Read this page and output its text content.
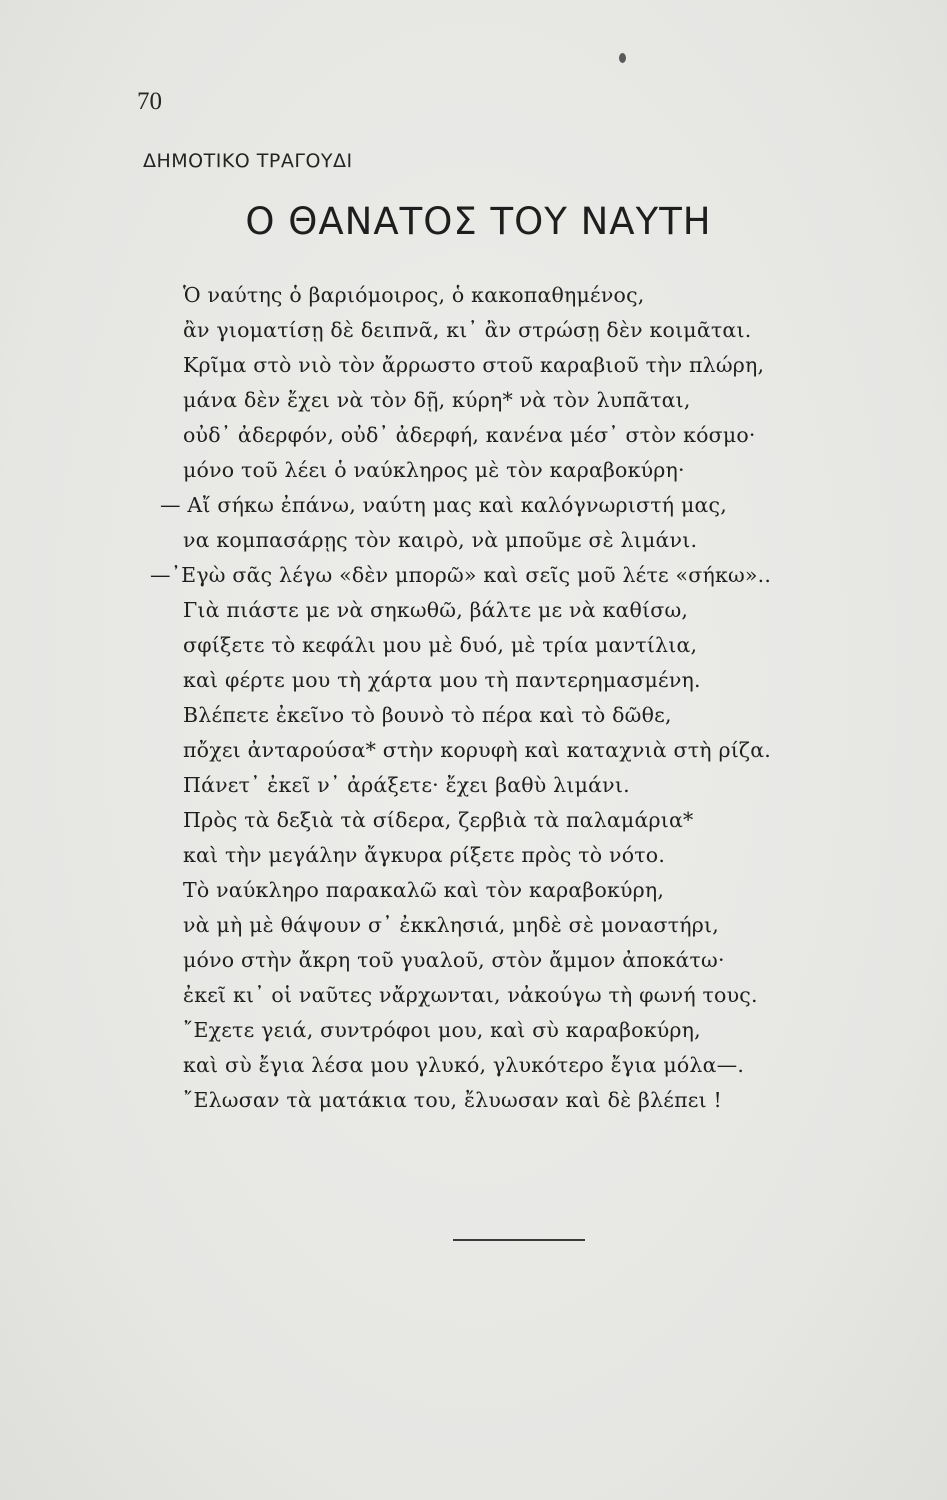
70
ΔΗΜΟΤΙΚΟ ΤΡΑΓΟΥΔΙ
Ο ΘΑΝΑΤΟΣ ΤΟΥ ΝΑΥΤΗ
Ὁ ναύτης ὁ βαριόμοιρος, ὁ κακοπαθημένος,
ἂν γιοματίσῃ δὲ δειπνᾶ, κι᾽ ἂν στρώσῃ δὲν κοιμᾶται.
Κρῖμα στὸ νιὸ τὸν ἄρρωστο στοῦ καραβιοῦ τὴν πλώρη,
μάνα δὲν ἔχει νὰ τὸν δῇ, κύρη* νὰ τὸν λυπᾶται,
οὐδ᾽ ἀδερφόν, οὐδ᾽ ἀδερφή, κανένα μέσ᾽ στὸν κόσμο·
μόνο τοῦ λέει ὁ ναύκληρος μὲ τὸν καραβοκύρη·
— Αἴ σήκω ἐπάνω, ναύτη μας καὶ καλόγνωριστή μας,
να κομπασάρῃς τὸν καιρὸ, νὰ μποῦμε σὲ λιμάνι.
—᾽Εγὼ σᾶς λέγω «δὲν μπορῶ» καὶ σεῖς μοῦ λέτε «σήκω»..
Γιὰ πιάστε με νὰ σηκωθῶ, βάλτε με νὰ καθίσω,
σφίξετε τὸ κεφάλι μου μὲ δυό, μὲ τρία μαντίλια,
καὶ φέρτε μου τὴ χάρτα μου τὴ παντερημασμένη.
Βλέπετε ἐκεῖνο τὸ βουνὸ τὸ πέρα καὶ τὸ δῶθε,
πὄχει ἀνταρούσα* στὴν κορυφὴ καὶ καταχνιὰ στὴ ρίζα.
Πάνετ᾽ ἐκεῖ ν᾽ ἀράξετε· ἔχει βαθὺ λιμάνι.
Πρὸς τὰ δεξιὰ τὰ σίδερα, ζερβιὰ τὰ παλαμάρια*
καὶ τὴν μεγάλην ἄγκυρα ρίξετε πρὸς τὸ νότο.
Τὸ ναύκληρο παρακαλῶ καὶ τὸν καραβοκύρη,
νὰ μὴ μὲ θάψουν σ᾽ ἐκκλησιά, μηδὲ σὲ μοναστήρι,
μόνο στὴν ἄκρη τοῦ γυαλοῦ, στὸν ἄμμον ἀποκάτω·
ἐκεῖ κι᾽ οἱ ναῦτες νἄρχωνται, νἀκούγω τὴ φωνή τους.
῎Εχετε γειά, συντρόφοι μου, καὶ σὺ καραβοκύρη,
καὶ σὺ ἔγια λέσα μου γλυκό, γλυκότερο ἔγια μόλα—.
῎Ελωσαν τὰ ματάκια του, ἔλυωσαν καὶ δὲ βλέπει !
